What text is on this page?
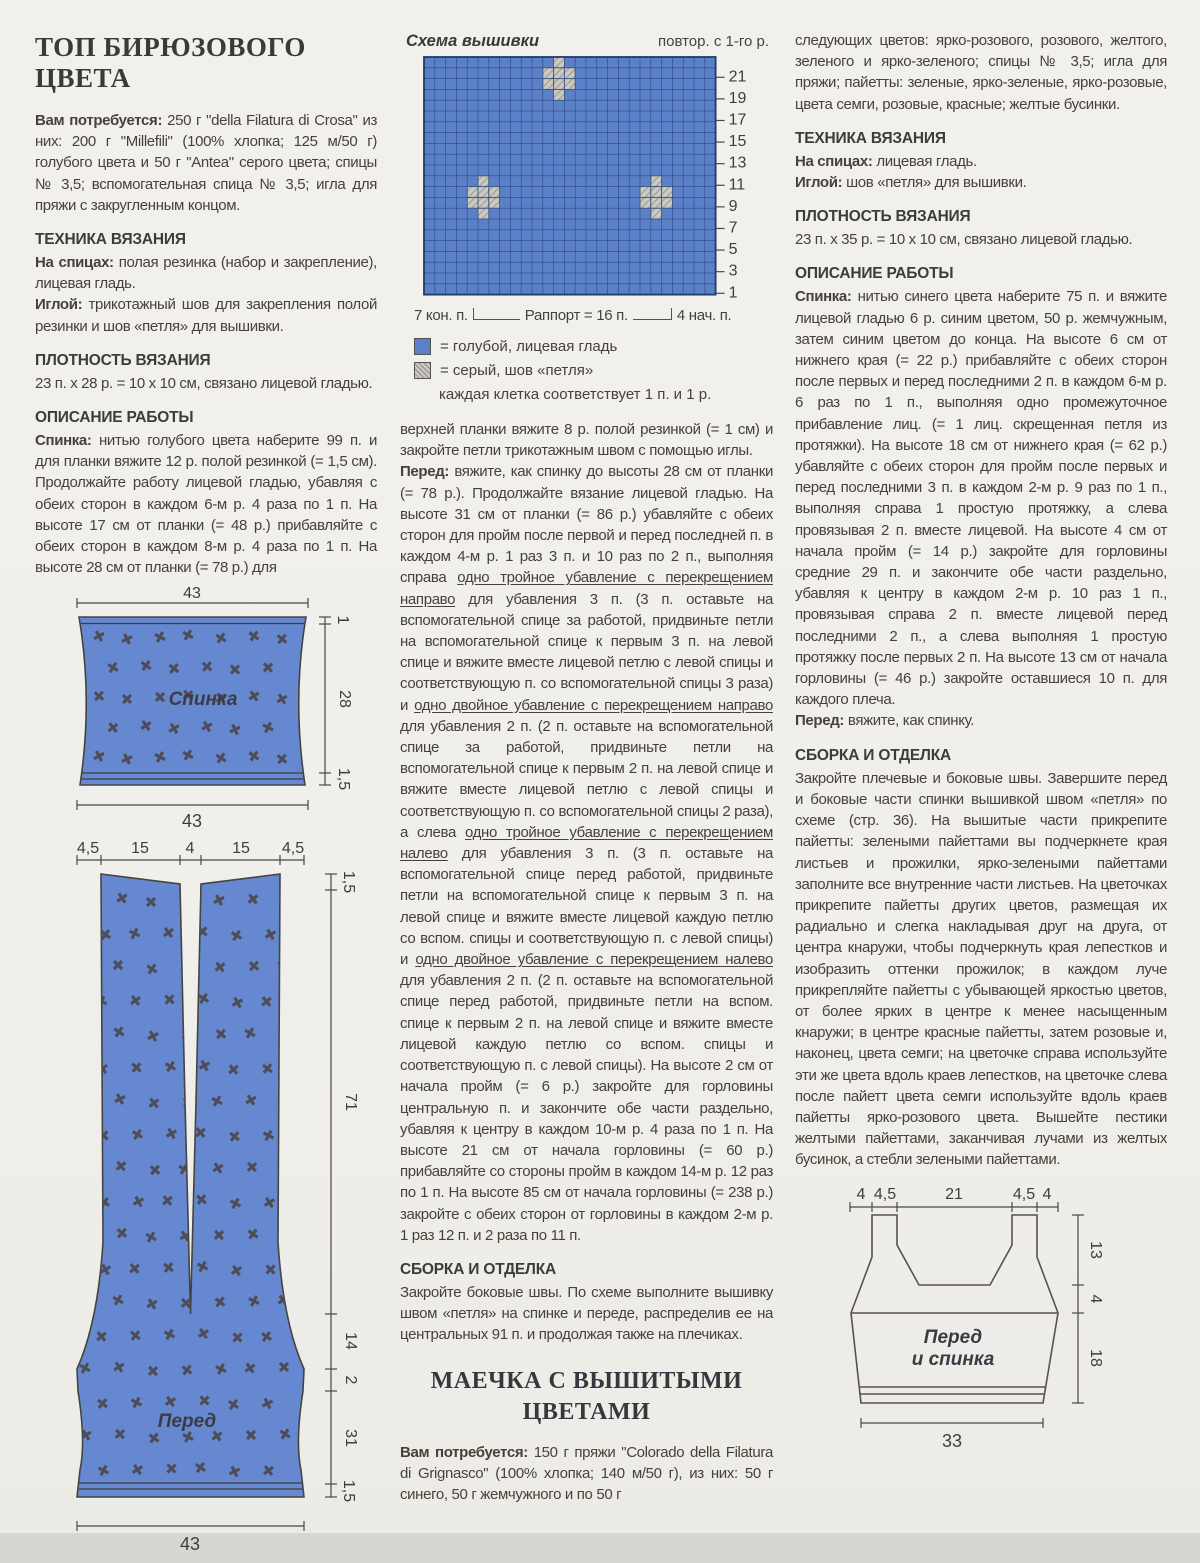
ТОП БИРЮЗОВОГО ЦВЕТА

Вам потребуется: 250 г "della Filatura di Crosa" из них: 200 г "Millefili" (100% хлопка; 125 м/50 г) голубого цвета и 50 г "Antea" серого цвета; спицы № 3,5; вспомогательная спица № 3,5; игла для пряжи с закругленным концом.

ТЕХНИКА ВЯЗАНИЯ

На спицах: полая резинка (набор и закрепление), лицевая гладь.

Иглой: трикотажный шов для закрепления полой резинки и шов «петля» для вышивки.

ПЛОТНОСТЬ ВЯЗАНИЯ

23 п. х 28 р. = 10 х 10 см, связано лицевой гладью.

ОПИСАНИЕ РАБОТЫ

Спинка: нитью голубого цвета наберите 99 п. и для планки вяжите 12 р. полой резинкой (= 1,5 см). Продолжайте работу лицевой гладью, убавляя с обеих сторон в каждом 6-м р. 4 раза по 1 п. На высоте 17 см от планки (= 48 р.) прибавляйте с обеих сторон в каждом 8-м р. 4 раза по 1 п. На высоте 28 см от планки (= 78 р.) для

43
Спинка
1
28
1,5
43
4,5 15 4 15 4,5
Перед
1,5
71
14
2
31
1,5
43
Схема вышивки	повтор. с 1-го р.
21
19
17
15
13
11
9
7
5
3
1
7 кон. п.	Раппорт = 16 п.	4 нач. п.
= голубой, лицевая гладь
= серый, шов «петля»
каждая клетка соответствует 1 п. и 1 р.

верхней планки вяжите 8 р. полой резинкой (= 1 см) и закройте петли трикотажным швом с помощью иглы.

Перед: вяжите, как спинку до высоты 28 см от планки (= 78 р.). Продолжайте вязание лицевой гладью. На высоте 31 см от планки (= 86 р.) убавляйте с обеих сторон для пройм после первой и перед последней п. в каждом 4-м р. 1 раз 3 п. и 10 раз по 2 п., выполняя справа одно тройное убавление с перекрещением направо для убавления 3 п. (3 п. оставьте на вспомогательной спице за работой, придвиньте петли на вспомогательной спице к первым 3 п. на левой спице и вяжите вместе лицевой петлю с левой спицы и соответствующую п. со вспомогательной спицы 3 раза) и одно двойное убавление с перекрещением направо для убавления 2 п. (2 п. оставьте на вспомогательной спице за работой, придвиньте петли на вспомогательной спице к первым 2 п. на левой спице и вяжите вместе лицевой петлю с левой спицы и соответствующую п. со вспомогательной спицы 2 раза), а слева одно тройное убавление с перекрещением налево для убавления 3 п. (3 п. оставьте на вспомогательной спице перед работой, придвиньте петли на вспомогательной спице к первым 3 п. на левой спице и вяжите вместе лицевой каждую петлю со вспом. спицы и соответствующую п. с левой спицы) и одно двойное убавление с перекрещением налево для убавления 2 п. (2 п. оставьте на вспомогательной спице перед работой, придвиньте петли на вспом. спице к первым 2 п. на левой спице и вяжите вместе лицевой каждую петлю со вспом. спицы и соответствующую п. с левой спицы). На высоте 2 см от начала пройм (= 6 р.) закройте для горловины центральную п. и закончите обе части раздельно, убавляя к центру в каждом 10-м р. 4 раза по 1 п. На высоте 21 см от начала горловины (= 60 р.) прибавляйте со стороны пройм в каждом 14-м р. 12 раз по 1 п. На высоте 85 см от начала горловины (= 238 р.) закройте с обеих сторон от горловины в каждом 2-м р. 1 раз 12 п. и 2 раза по 11 п.

СБОРКА И ОТДЕЛКА

Закройте боковые швы. По схеме выполните вышивку швом «петля» на спинке и переде, распределив ее на центральных 91 п. и продолжая также на плечиках.

МАЕЧКА С ВЫШИТЫМИ
ЦВЕТАМИ

Вам потребуется: 150 г пряжи "Colorado della Filatura di Grignasco" (100% хлопка; 140 м/50 г), из них: 50 г синего, 50 г жемчужного и по 50 г

следующих цветов: ярко-розового, розового, желтого, зеленого и ярко-зеленого; спицы № 3,5; игла для пряжи; пайетты: зеленые, ярко-зеленые, ярко-розовые, цвета семги, розовые, красные; желтые бусинки.

ТЕХНИКА ВЯЗАНИЯ

На спицах: лицевая гладь.

Иглой: шов «петля» для вышивки.

ПЛОТНОСТЬ ВЯЗАНИЯ

23 п. х 35 р. = 10 х 10 см, связано лицевой гладью.

ОПИСАНИЕ РАБОТЫ

Спинка: нитью синего цвета наберите 75 п. и вяжите лицевой гладью 6 р. синим цветом, 50 р. жемчужным, затем синим цветом до конца. На высоте 6 см от нижнего края (= 22 р.) прибавляйте с обеих сторон после первых и перед последними 2 п. в каждом 6-м р. 6 раз по 1 п., выполняя одно промежуточное прибавление лиц. (= 1 лиц. скрещенная петля из протяжки). На высоте 18 см от нижнего края (= 62 р.) убавляйте с обеих сторон для пройм после первых и перед последними 3 п. в каждом 2-м р. 9 раз по 1 п., выполняя справа 1 простую протяжку, а слева провязывая 2 п. вместе лицевой. На высоте 4 см от начала пройм (= 14 р.) закройте для горловины средние 29 п. и закончите обе части раздельно, убавляя к центру в каждом 2-м р. 10 раз 1 п., провязывая справа 2 п. вместе лицевой перед последними 2 п., а слева выполняя 1 простую протяжку после первых 2 п. На высоте 13 см от начала горловины (= 46 р.) закройте оставшиеся 10 п. для каждого плеча.

Перед: вяжите, как спинку.

СБОРКА И ОТДЕЛКА

Закройте плечевые и боковые швы. Завершите перед и боковые части спинки вышивкой швом «петля» по схеме (стр. 36). На вышитые части прикрепите пайетты: зелеными пайеттами вы подчеркнете края листьев и прожилки, ярко-зелеными пайеттами заполните все внутренние части листьев. На цветочках прикрепите пайетты других цветов, размещая их радиально и слегка накладывая друг на друга, от центра кнаружи, чтобы подчеркнуть края лепестков и изобразить оттенки прожилок; в каждом луче прикрепляйте пайетты с убывающей яркостью цветов, от более ярких в центре к менее насыщенным кнаружи; в центре красные пайетты, затем розовые и, наконец, цвета семги; на цветочке справа используйте эти же цвета вдоль краев лепестков, на цветочке слева после пайетт цвета семги используйте вдоль краев пайетты ярко-розового цвета. Вышейте пестики желтыми пайеттами, заканчивая лучами из желтых бусинок, а стебли зелеными пайеттами.

4 4,5	21	4,5 4
Перед
и спинка
13
4
18
33
